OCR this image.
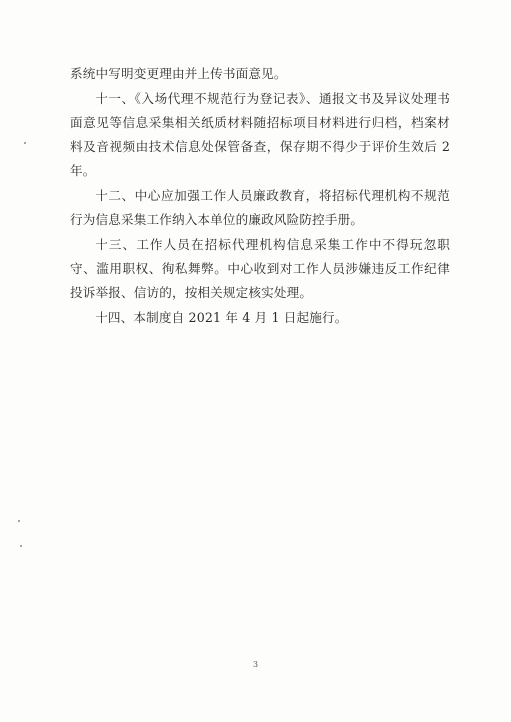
系统中写明变更理由并上传书面意见。

十一、《入场代理不规范行为登记表》、通报文书及异议处理书面意见等信息采集相关纸质材料随招标项目材料进行归档，档案材料及音视频由技术信息处保管备查，保存期不得少于评价生效后 2 年。

十二、中心应加强工作人员廉政教育，将招标代理机构不规范行为信息采集工作纳入本单位的廉政风险防控手册。

十三、工作人员在招标代理机构信息采集工作中不得玩忽职守、滥用职权、徇私舞弊。中心收到对工作人员涉嫌违反工作纪律投诉举报、信访的，按相关规定核实处理。

十四、本制度自 2021 年 4 月 1 日起施行。

3
